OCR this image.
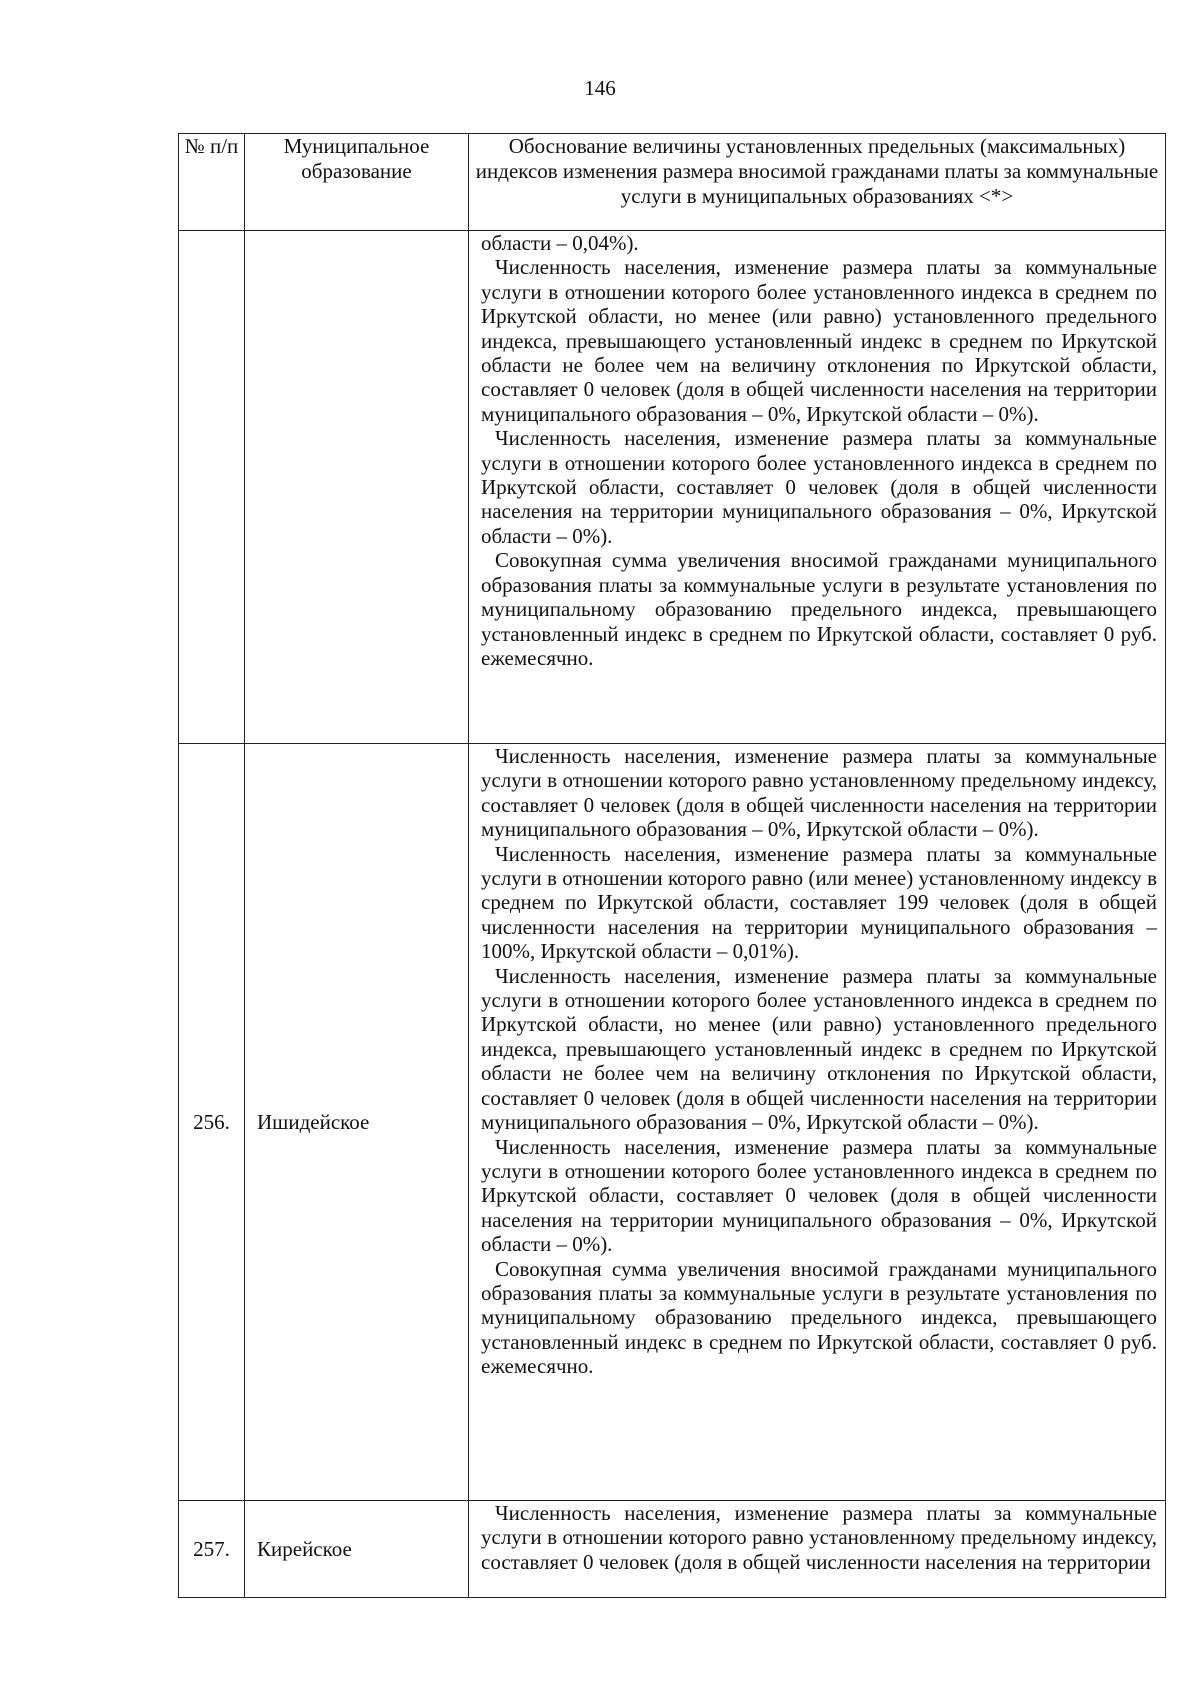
146
№ п/п	Муниципальное образование	Обоснование величины установленных предельных (максимальных) индексов изменения размера вносимой гражданами платы за коммунальные услуги в муниципальных образованиях <*>

		области – 0,04%).

Численность населения, изменение размера платы за коммунальные услуги в отношении которого более установленного индекса в среднем по Иркутской области, но менее (или равно) установленного предельного индекса, превышающего установленный индекс в среднем по Иркутской области не более чем на величину отклонения по Иркутской области, составляет 0 человек (доля в общей численности населения на территории муниципального образования – 0%, Иркутской области – 0%).

Численность населения, изменение размера платы за коммунальные услуги в отношении которого более установленного индекса в среднем по Иркутской области, составляет 0 человек (доля в общей численности населения на территории муниципального образования – 0%, Иркутской области – 0%).

Совокупная сумма увеличения вносимой гражданами муниципального образования платы за коммунальные услуги в результате установления по муниципальному образованию предельного индекса, превышающего установленный индекс в среднем по Иркутской области, составляет 0 руб. ежемесячно.

256.	Ишидейское	Численность населения, изменение размера платы за коммунальные услуги в отношении которого равно установленному предельному индексу, составляет 0 человек (доля в общей численности населения на территории муниципального образования – 0%, Иркутской области – 0%).

Численность населения, изменение размера платы за коммунальные услуги в отношении которого равно (или менее) установленному индексу в среднем по Иркутской области, составляет 199 человек (доля в общей численности населения на территории муниципального образования – 100%, Иркутской области – 0,01%).

Численность населения, изменение размера платы за коммунальные услуги в отношении которого более установленного индекса в среднем по Иркутской области, но менее (или равно) установленного предельного индекса, превышающего установленный индекс в среднем по Иркутской области не более чем на величину отклонения по Иркутской области, составляет 0 человек (доля в общей численности населения на территории муниципального образования – 0%, Иркутской области – 0%).

Численность населения, изменение размера платы за коммунальные услуги в отношении которого более установленного индекса в среднем по Иркутской области, составляет 0 человек (доля в общей численности населения на территории муниципального образования – 0%, Иркутской области – 0%).

Совокупная сумма увеличения вносимой гражданами муниципального образования платы за коммунальные услуги в результате установления по муниципальному образованию предельного индекса, превышающего установленный индекс в среднем по Иркутской области, составляет 0 руб. ежемесячно.

257.	Кирейское	Численность населения, изменение размера платы за коммунальные услуги в отношении которого равно установленному предельному индексу, составляет 0 человек (доля в общей численности населения на территории
